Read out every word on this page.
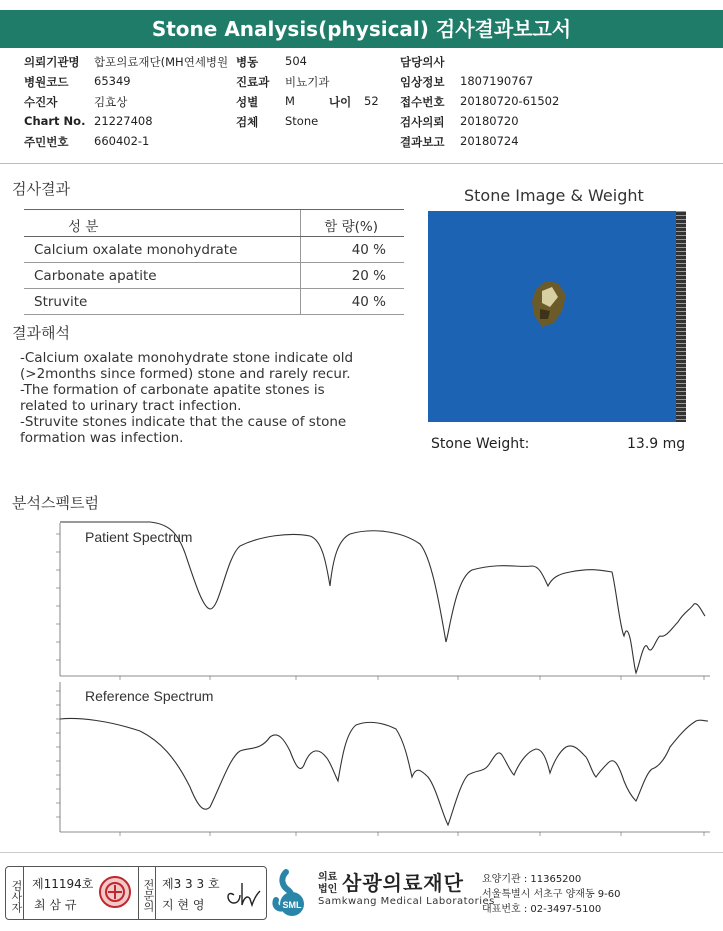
Stone Analysis(physical) 검사결과보고서
의뢰기관명 합포의료재단(MH연세병원 병동 504	담당의사
병원코드 65349	진료과 비뇨기과	임상정보 1807190767
수진자	김효상	성별 M	나이 52 접수번호 20180720-61502
Chart No. 21227408	검체 Stone	검사의뢰 20180720
주민번호 660402-1	결과보고 20180724
검사결과
성 분	함 량(%)
Calcium oxalate monohydrate	40 %
Carbonate apatite	20 %
Struvite	40 %
결과해석
-Calcium oxalate monohydrate stone indicate old
(>2months since formed) stone and rarely recur.
-The formation of carbonate apatite stones is
related to urinary tract infection.
-Struvite stones indicate that the cause of stone
formation was infection.
Stone Image & Weight
Stone Weight:	13.9 mg
분석스펙트럼
Patient Spectrum
Reference Spectrum
검사자 제11194호
최 삼 규	전문의 제3 3 3 호
지 현 영	SML
의료법인 삼광의료재단
Samkwang Medical Laboratories
요양기관 : 11365200
서울특별시 서초구 양재동 9-60
대표번호 : 02-3497-5100
